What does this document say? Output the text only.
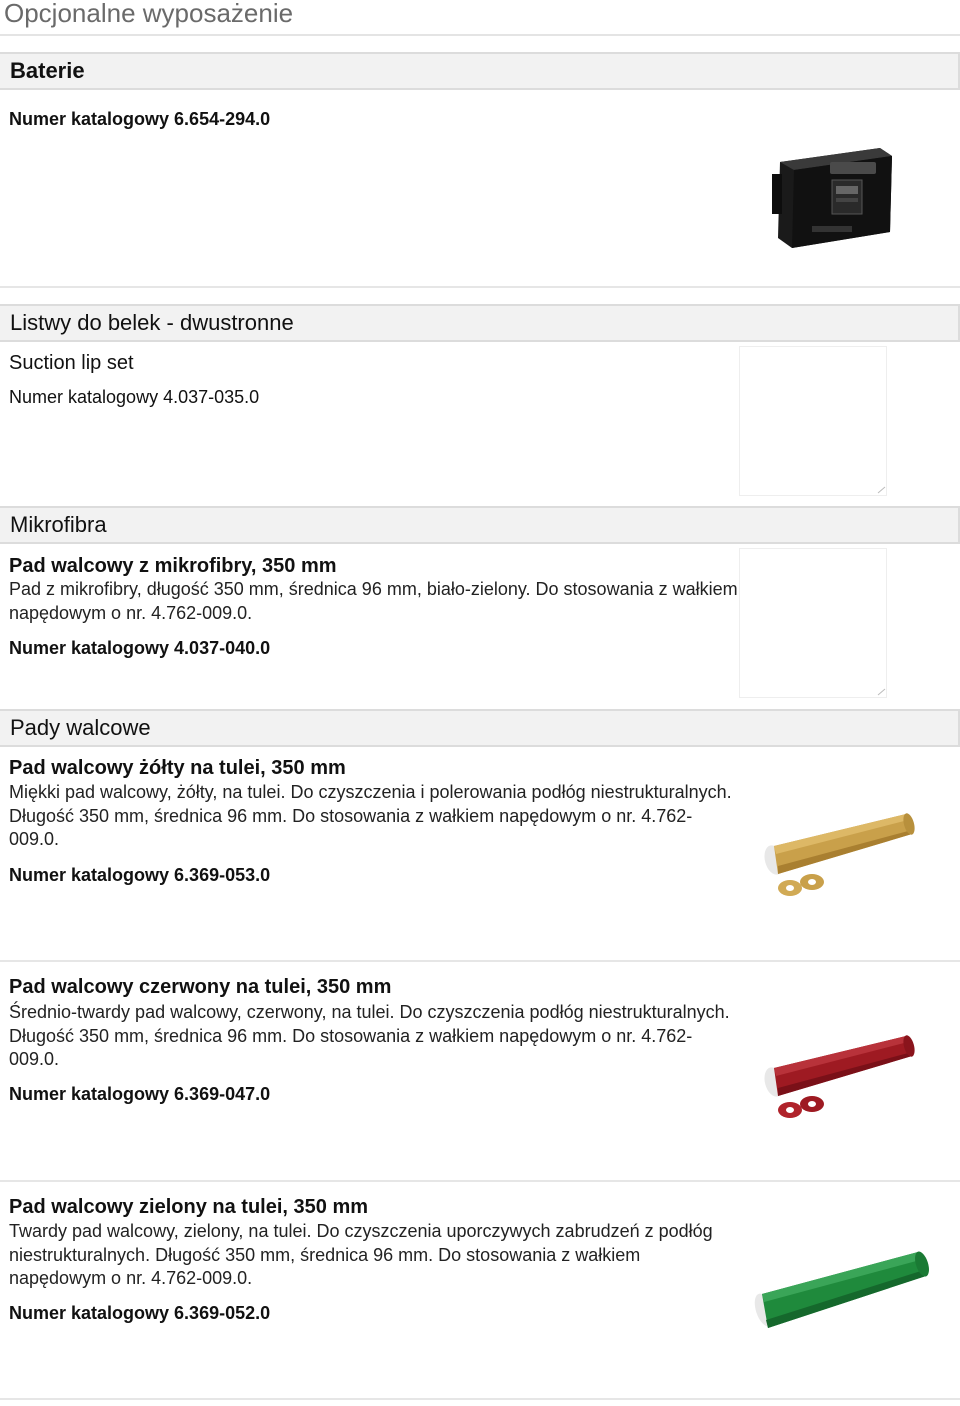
Opcjonalne wyposażenie
Baterie
Numer katalogowy 6.654-294.0
Listwy do belek - dwustronne
Suction lip set
Numer katalogowy 4.037-035.0
Mikrofibra
Pad walcowy z mikrofibry, 350 mm
Pad z mikrofibry, długość 350 mm, średnica 96 mm, biało-zielony. Do stosowania z wałkiem napędowym o nr. 4.762-009.0.
Numer katalogowy 4.037-040.0
Pady walcowe
Pad walcowy żółty na tulei, 350 mm
Miękki pad walcowy, żółty, na tulei. Do czyszczenia i polerowania podłóg niestrukturalnych. Długość 350 mm, średnica 96 mm. Do stosowania z wałkiem napędowym o nr. 4.762-009.0.
Numer katalogowy 6.369-053.0
Pad walcowy czerwony na tulei, 350 mm
Średnio-twardy pad walcowy, czerwony, na tulei. Do czyszczenia podłóg niestrukturalnych. Długość 350 mm, średnica 96 mm. Do stosowania z wałkiem napędowym o nr. 4.762-009.0.
Numer katalogowy 6.369-047.0
Pad walcowy zielony na tulei, 350 mm
Twardy pad walcowy, zielony, na tulei. Do czyszczenia uporczywych zabrudzeń z podłóg niestrukturalnych. Długość 350 mm, średnica 96 mm. Do stosowania z wałkiem napędowym o nr. 4.762-009.0.
Numer katalogowy 6.369-052.0
